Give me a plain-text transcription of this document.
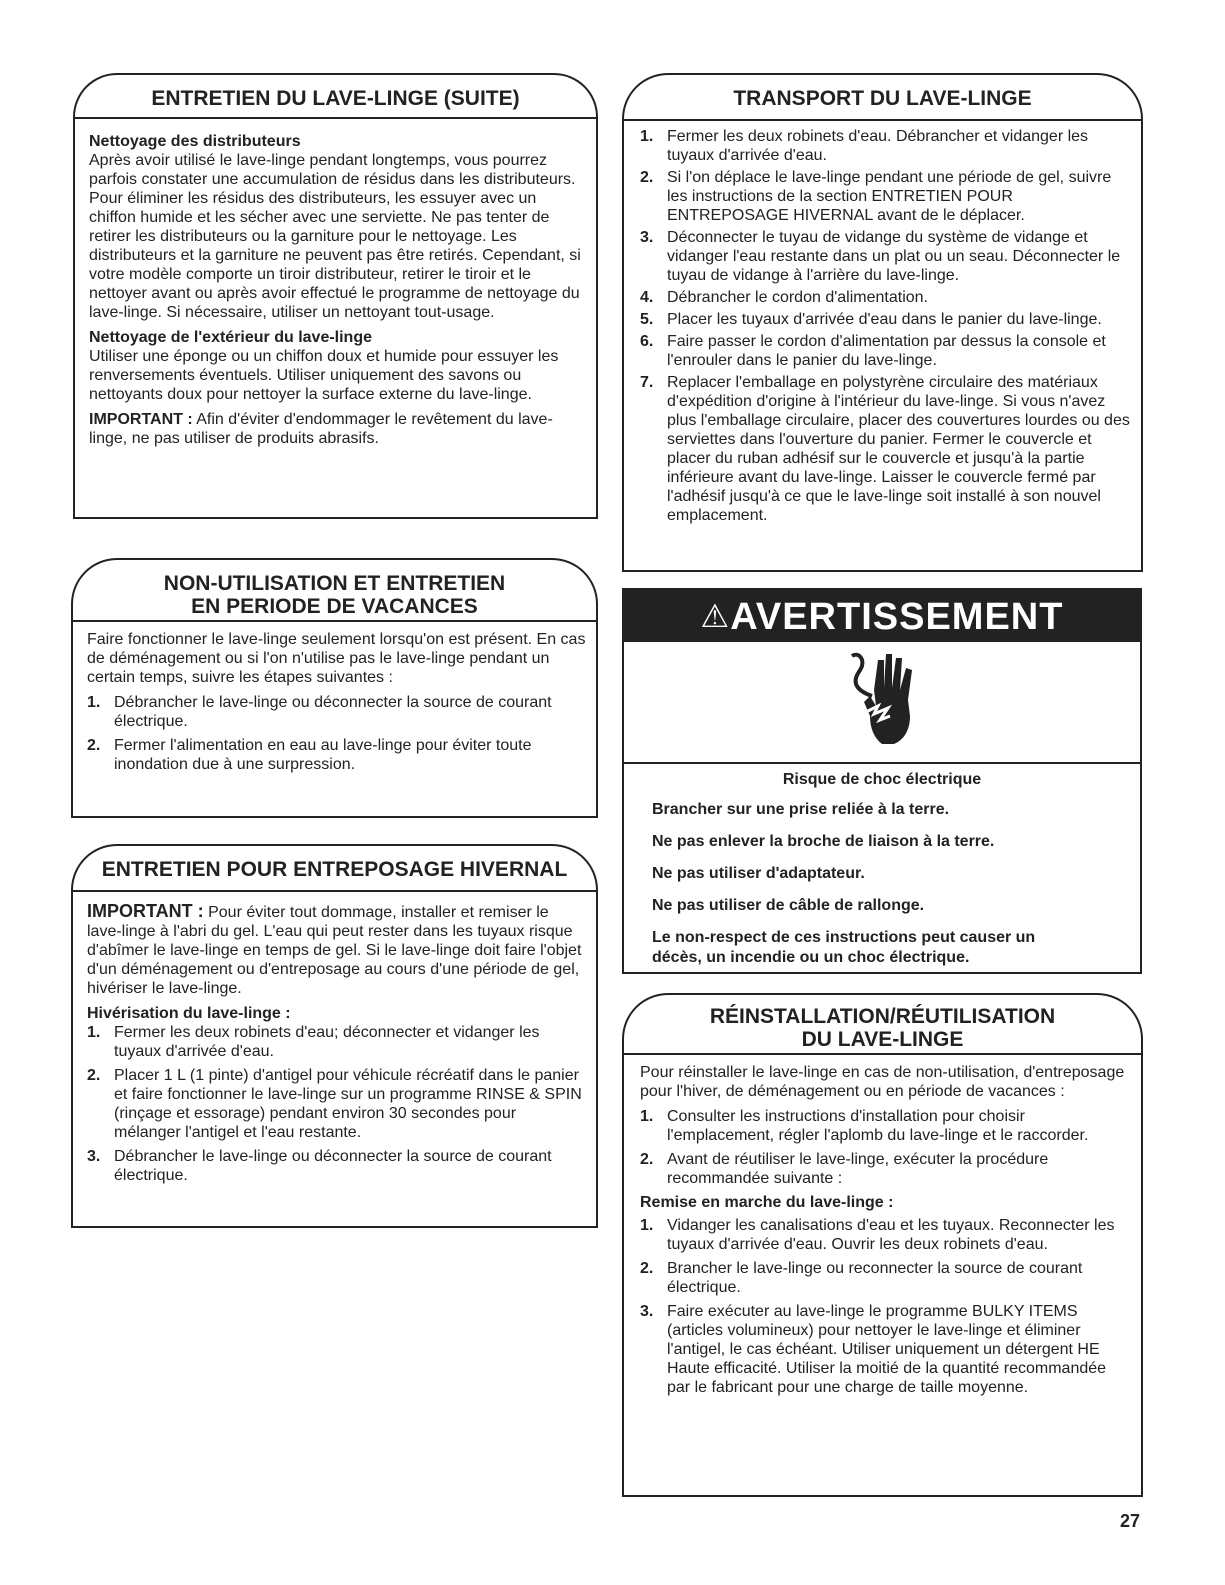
ENTRETIEN DU LAVE-LINGE (SUITE)
Nettoyage des distributeurs

Après avoir utilisé le lave-linge pendant longtemps, vous pourrez parfois constater une accumulation de résidus dans les distributeurs. Pour éliminer les résidus des distributeurs, les essuyer avec un chiffon humide et les sécher avec une serviette. Ne pas tenter de retirer les distributeurs ou la garniture pour le nettoyage. Les distributeurs et la garniture ne peuvent pas être retirés. Cependant, si votre modèle comporte un tiroir distributeur, retirer le tiroir et le nettoyer avant ou après avoir effectué le programme de nettoyage du lave-linge. Si nécessaire, utiliser un nettoyant tout-usage.

Nettoyage de l'extérieur du lave-linge

Utiliser une éponge ou un chiffon doux et humide pour essuyer les renversements éventuels. Utiliser uniquement des savons ou nettoyants doux pour nettoyer la surface externe du lave-linge.

IMPORTANT : Afin d'éviter d'endommager le revêtement du lave-linge, ne pas utiliser de produits abrasifs.

NON-UTILISATION ET ENTRETIEN
EN PERIODE DE VACANCES

Faire fonctionner le lave-linge seulement lorsqu'on est présent. En cas de déménagement ou si l'on n'utilise pas le lave-linge pendant un certain temps, suivre les étapes suivantes :

1. Débrancher le lave-linge ou déconnecter la source de courant électrique.
2. Fermer l'alimentation en eau au lave-linge pour éviter toute inondation due à une surpression.
ENTRETIEN POUR ENTREPOSAGE HIVERNAL

IMPORTANT : Pour éviter tout dommage, installer et remiser le lave-linge à l'abri du gel. L'eau qui peut rester dans les tuyaux risque d'abîmer le lave-linge en temps de gel. Si le lave-linge doit faire l'objet d'un déménagement ou d'entreposage au cours d'une période de gel, hivériser le lave-linge.

Hivérisation du lave-linge :
1. Fermer les deux robinets d'eau; déconnecter et vidanger les tuyaux d'arrivée d'eau.
2. Placer 1 L (1 pinte) d'antigel pour véhicule récréatif dans le panier et faire fonctionner le lave-linge sur un programme RINSE & SPIN (rinçage et essorage) pendant environ 30 secondes pour mélanger l'antigel et l'eau restante.
3. Débrancher le lave-linge ou déconnecter la source de courant électrique.
TRANSPORT DU LAVE-LINGE
1. Fermer les deux robinets d'eau. Débrancher et vidanger les tuyaux d'arrivée d'eau.
2. Si l'on déplace le lave-linge pendant une période de gel, suivre les instructions de la section ENTRETIEN POUR ENTREPOSAGE HIVERNAL avant de le déplacer.
3. Déconnecter le tuyau de vidange du système de vidange et vidanger l'eau restante dans un plat ou un seau. Déconnecter le tuyau de vidange à l'arrière du lave-linge.
4. Débrancher le cordon d'alimentation.
5. Placer les tuyaux d'arrivée d'eau dans le panier du lave-linge.
6. Faire passer le cordon d'alimentation par dessus la console et l'enrouler dans le panier du lave-linge.
7. Replacer l'emballage en polystyrène circulaire des matériaux d'expédition d'origine à l'intérieur du lave-linge. Si vous n'avez plus l'emballage circulaire, placer des couvertures lourdes ou des serviettes dans l'ouverture du panier. Fermer le couvercle et placer du ruban adhésif sur le couvercle et jusqu'à la partie inférieure avant du lave-linge. Laisser le couvercle fermé par l'adhésif jusqu'à ce que le lave-linge soit installé à son nouvel emplacement.
⚠AVERTISSEMENT
Risque de choc électrique
Brancher sur une prise reliée à la terre.
Ne pas enlever la broche de liaison à la terre.
Ne pas utiliser d'adaptateur.
Ne pas utiliser de câble de rallonge.
Le non-respect de ces instructions peut causer un décès, un incendie ou un choc électrique.
RÉINSTALLATION/RÉUTILISATION
DU LAVE-LINGE

Pour réinstaller le lave-linge en cas de non-utilisation, d'entreposage pour l'hiver, de déménagement ou en période de vacances :

1. Consulter les instructions d'installation pour choisir l'emplacement, régler l'aplomb du lave-linge et le raccorder.
2. Avant de réutiliser le lave-linge, exécuter la procédure recommandée suivante :
Remise en marche du lave-linge :
1. Vidanger les canalisations d'eau et les tuyaux. Reconnecter les tuyaux d'arrivée d'eau. Ouvrir les deux robinets d'eau.
2. Brancher le lave-linge ou reconnecter la source de courant électrique.
3. Faire exécuter au lave-linge le programme BULKY ITEMS (articles volumineux) pour nettoyer le lave-linge et éliminer l'antigel, le cas échéant. Utiliser uniquement un détergent HE Haute efficacité. Utiliser la moitié de la quantité recommandée par le fabricant pour une charge de taille moyenne.
27
